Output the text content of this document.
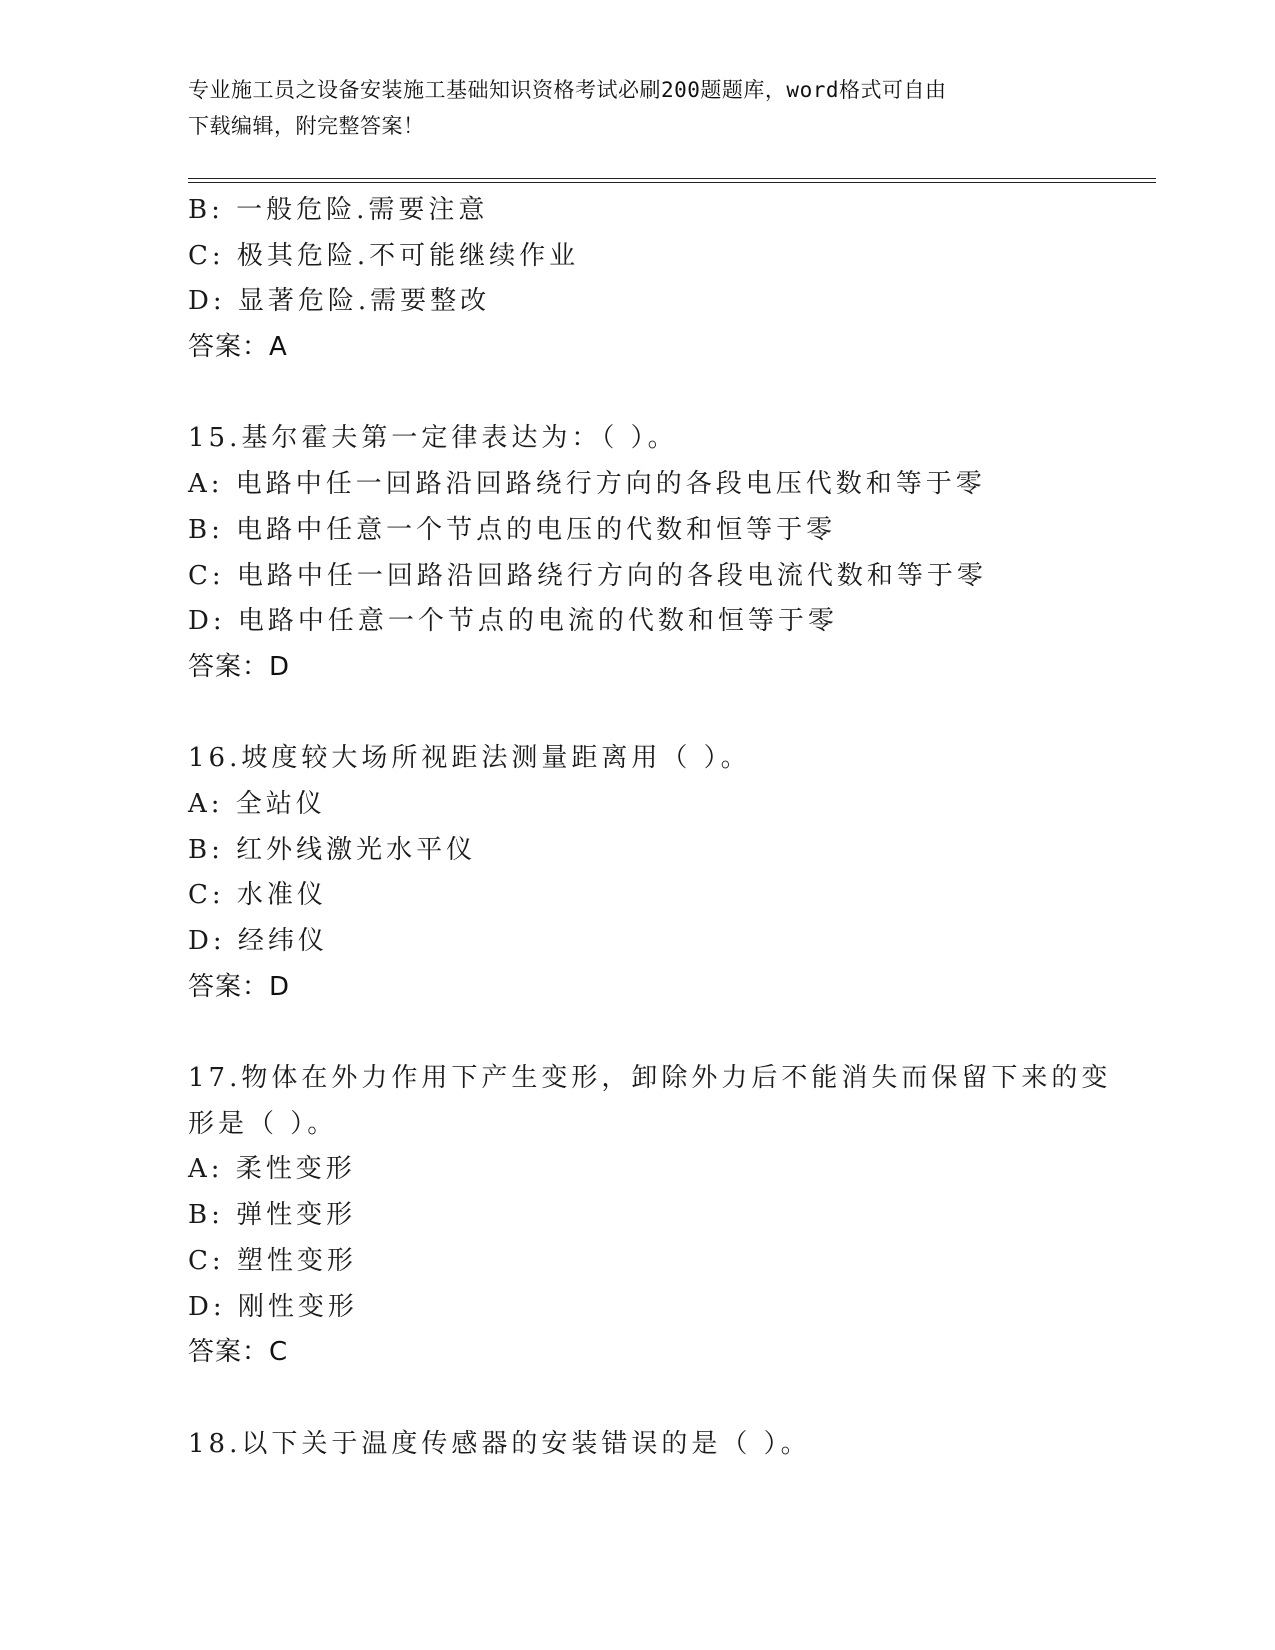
专业施工员之设备安装施工基础知识资格考试必刷200题题库，word格式可自由
下载编辑，附完整答案！

B: 一般危险.需要注意

C: 极其危险.不可能继续作业

D: 显著危险.需要整改

答案：A

15.基尔霍夫第一定律表达为：（ ）。

A: 电路中任一回路沿回路绕行方向的各段电压代数和等于零

B: 电路中任意一个节点的电压的代数和恒等于零

C: 电路中任一回路沿回路绕行方向的各段电流代数和等于零

D: 电路中任意一个节点的电流的代数和恒等于零

答案：D

16.坡度较大场所视距法测量距离用（ ）。

A: 全站仪

B: 红外线激光水平仪

C: 水准仪

D: 经纬仪

答案：D

17.物体在外力作用下产生变形，卸除外力后不能消失而保留下来的变

形是（ ）。

A: 柔性变形

B: 弹性变形

C: 塑性变形

D: 刚性变形

答案：C

18.以下关于温度传感器的安装错误的是（ ）。
